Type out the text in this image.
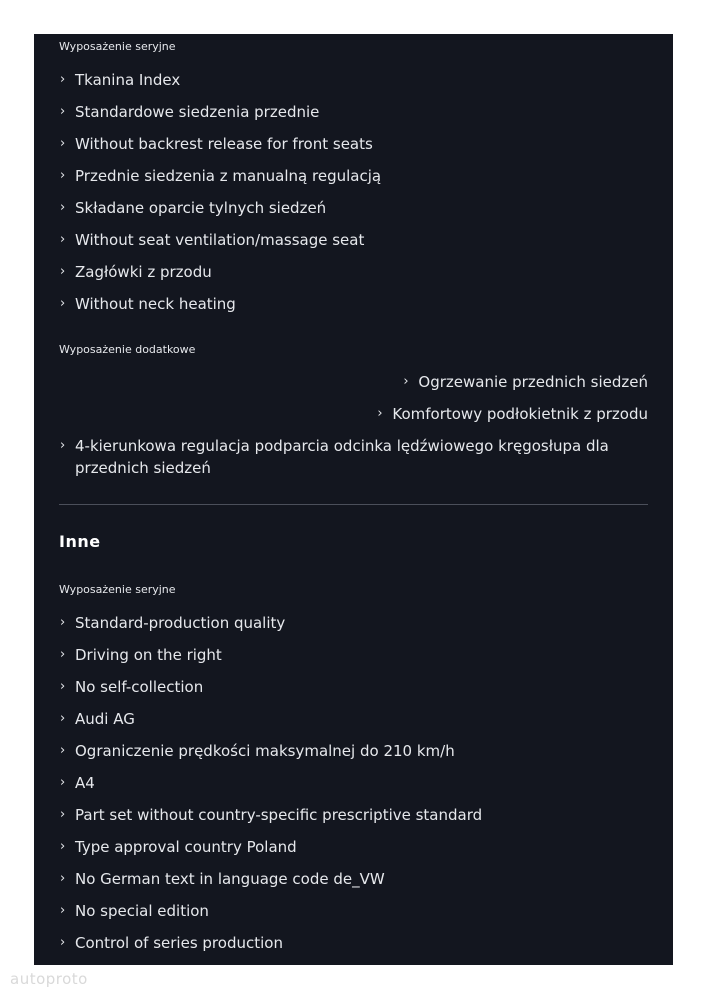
Wyposażenie seryjne

› Tkanina Index
› Standardowe siedzenia przednie
› Without backrest release for front seats
› Przednie siedzenia z manualną regulacją
› Składane oparcie tylnych siedzeń
› Without seat ventilation/massage seat
› Zagłówki z przodu
› Without neck heating

Wyposażenie dodatkowe

› Ogrzewanie przednich siedzeń
› Komfortowy podłokietnik z przodu
› 4-kierunkowa regulacja podparcia odcinka lędźwiowego kręgosłupa dla przednich siedzeń
Inne

Wyposażenie seryjne

› Standard-production quality
› Driving on the right
› No self-collection
› Audi AG
› Ograniczenie prędkości maksymalnej do 210 km/h
› A4
› Part set without country-specific prescriptive standard
› Type approval country Poland
› No German text in language code de_VW
› No special edition
› Control of series production
autoproto
